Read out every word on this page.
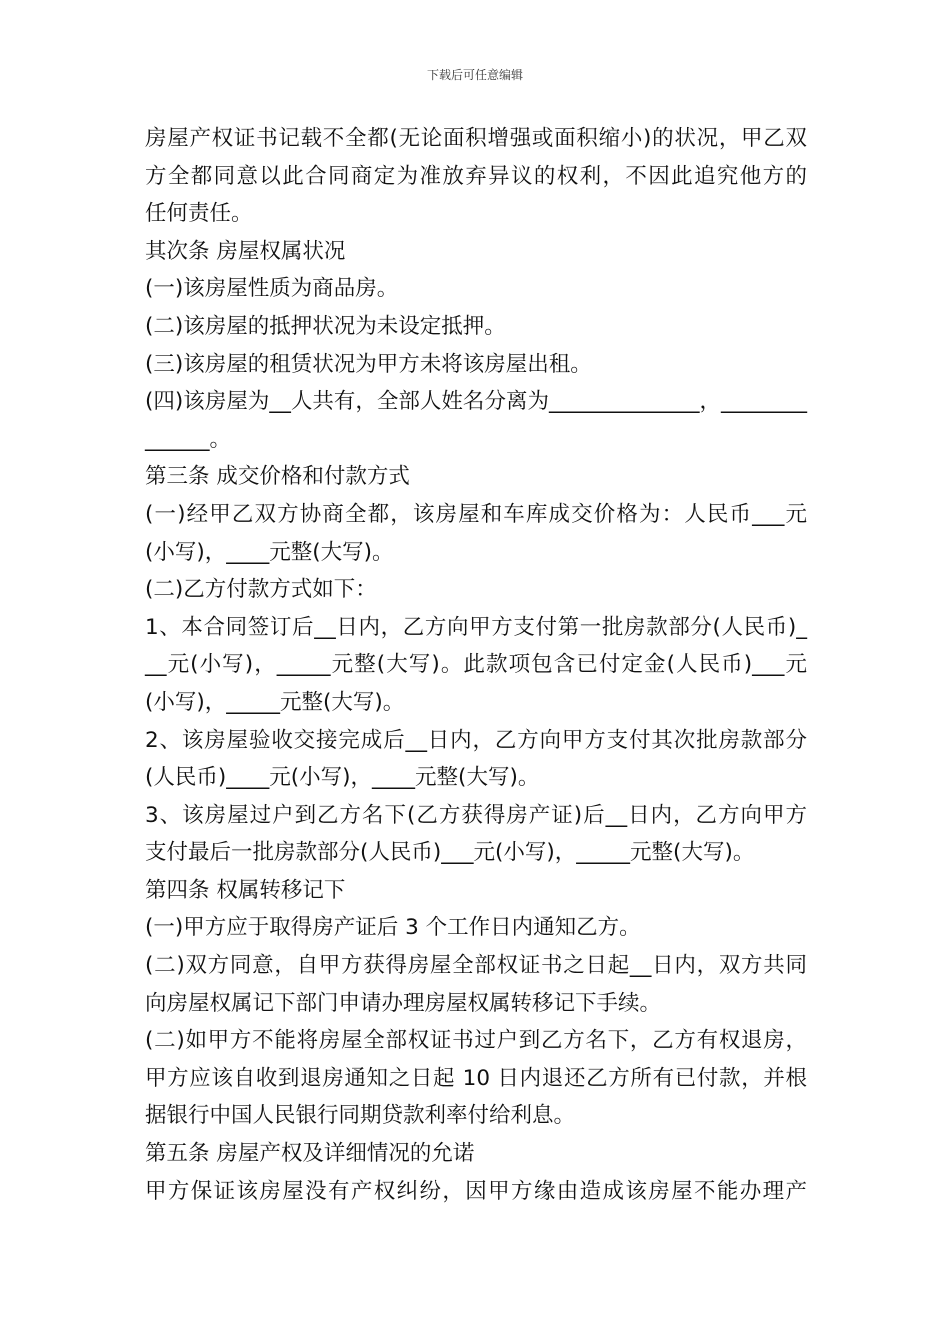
下载后可任意编辑
房屋产权证书记载不全都(无论面积增强或面积缩小)的状况，甲乙双
方全都同意以此合同商定为准放弃异议的权利，不因此追究他方的
任何责任。
其次条 房屋权属状况
(一)该房屋性质为商品房。
(二)该房屋的抵押状况为未设定抵押。
(三)该房屋的租赁状况为甲方未将该房屋出租。
(四)该房屋为__人共有，全部人姓名分离为______________，________
______。
第三条 成交价格和付款方式
(一)经甲乙双方协商全都，该房屋和车库成交价格为：人民币___元
(小写)，____元整(大写)。
(二)乙方付款方式如下：
1、本合同签订后__日内，乙方向甲方支付第一批房款部分(人民币)_
__元(小写)，_____元整(大写)。此款项包含已付定金(人民币)___元
(小写)，_____元整(大写)。
2、该房屋验收交接完成后__日内，乙方向甲方支付其次批房款部分
(人民币)____元(小写)，____元整(大写)。
3、该房屋过户到乙方名下(乙方获得房产证)后__日内，乙方向甲方
支付最后一批房款部分(人民币)___元(小写)，_____元整(大写)。
第四条 权属转移记下
(一)甲方应于取得房产证后 3 个工作日内通知乙方。
(二)双方同意，自甲方获得房屋全部权证书之日起__日内，双方共同
向房屋权属记下部门申请办理房屋权属转移记下手续。
(二)如甲方不能将房屋全部权证书过户到乙方名下，乙方有权退房，
甲方应该自收到退房通知之日起 10 日内退还乙方所有已付款，并根
据银行中国人民银行同期贷款利率付给利息。
第五条 房屋产权及详细情况的允诺
甲方保证该房屋没有产权纠纷，因甲方缘由造成该房屋不能办理产
